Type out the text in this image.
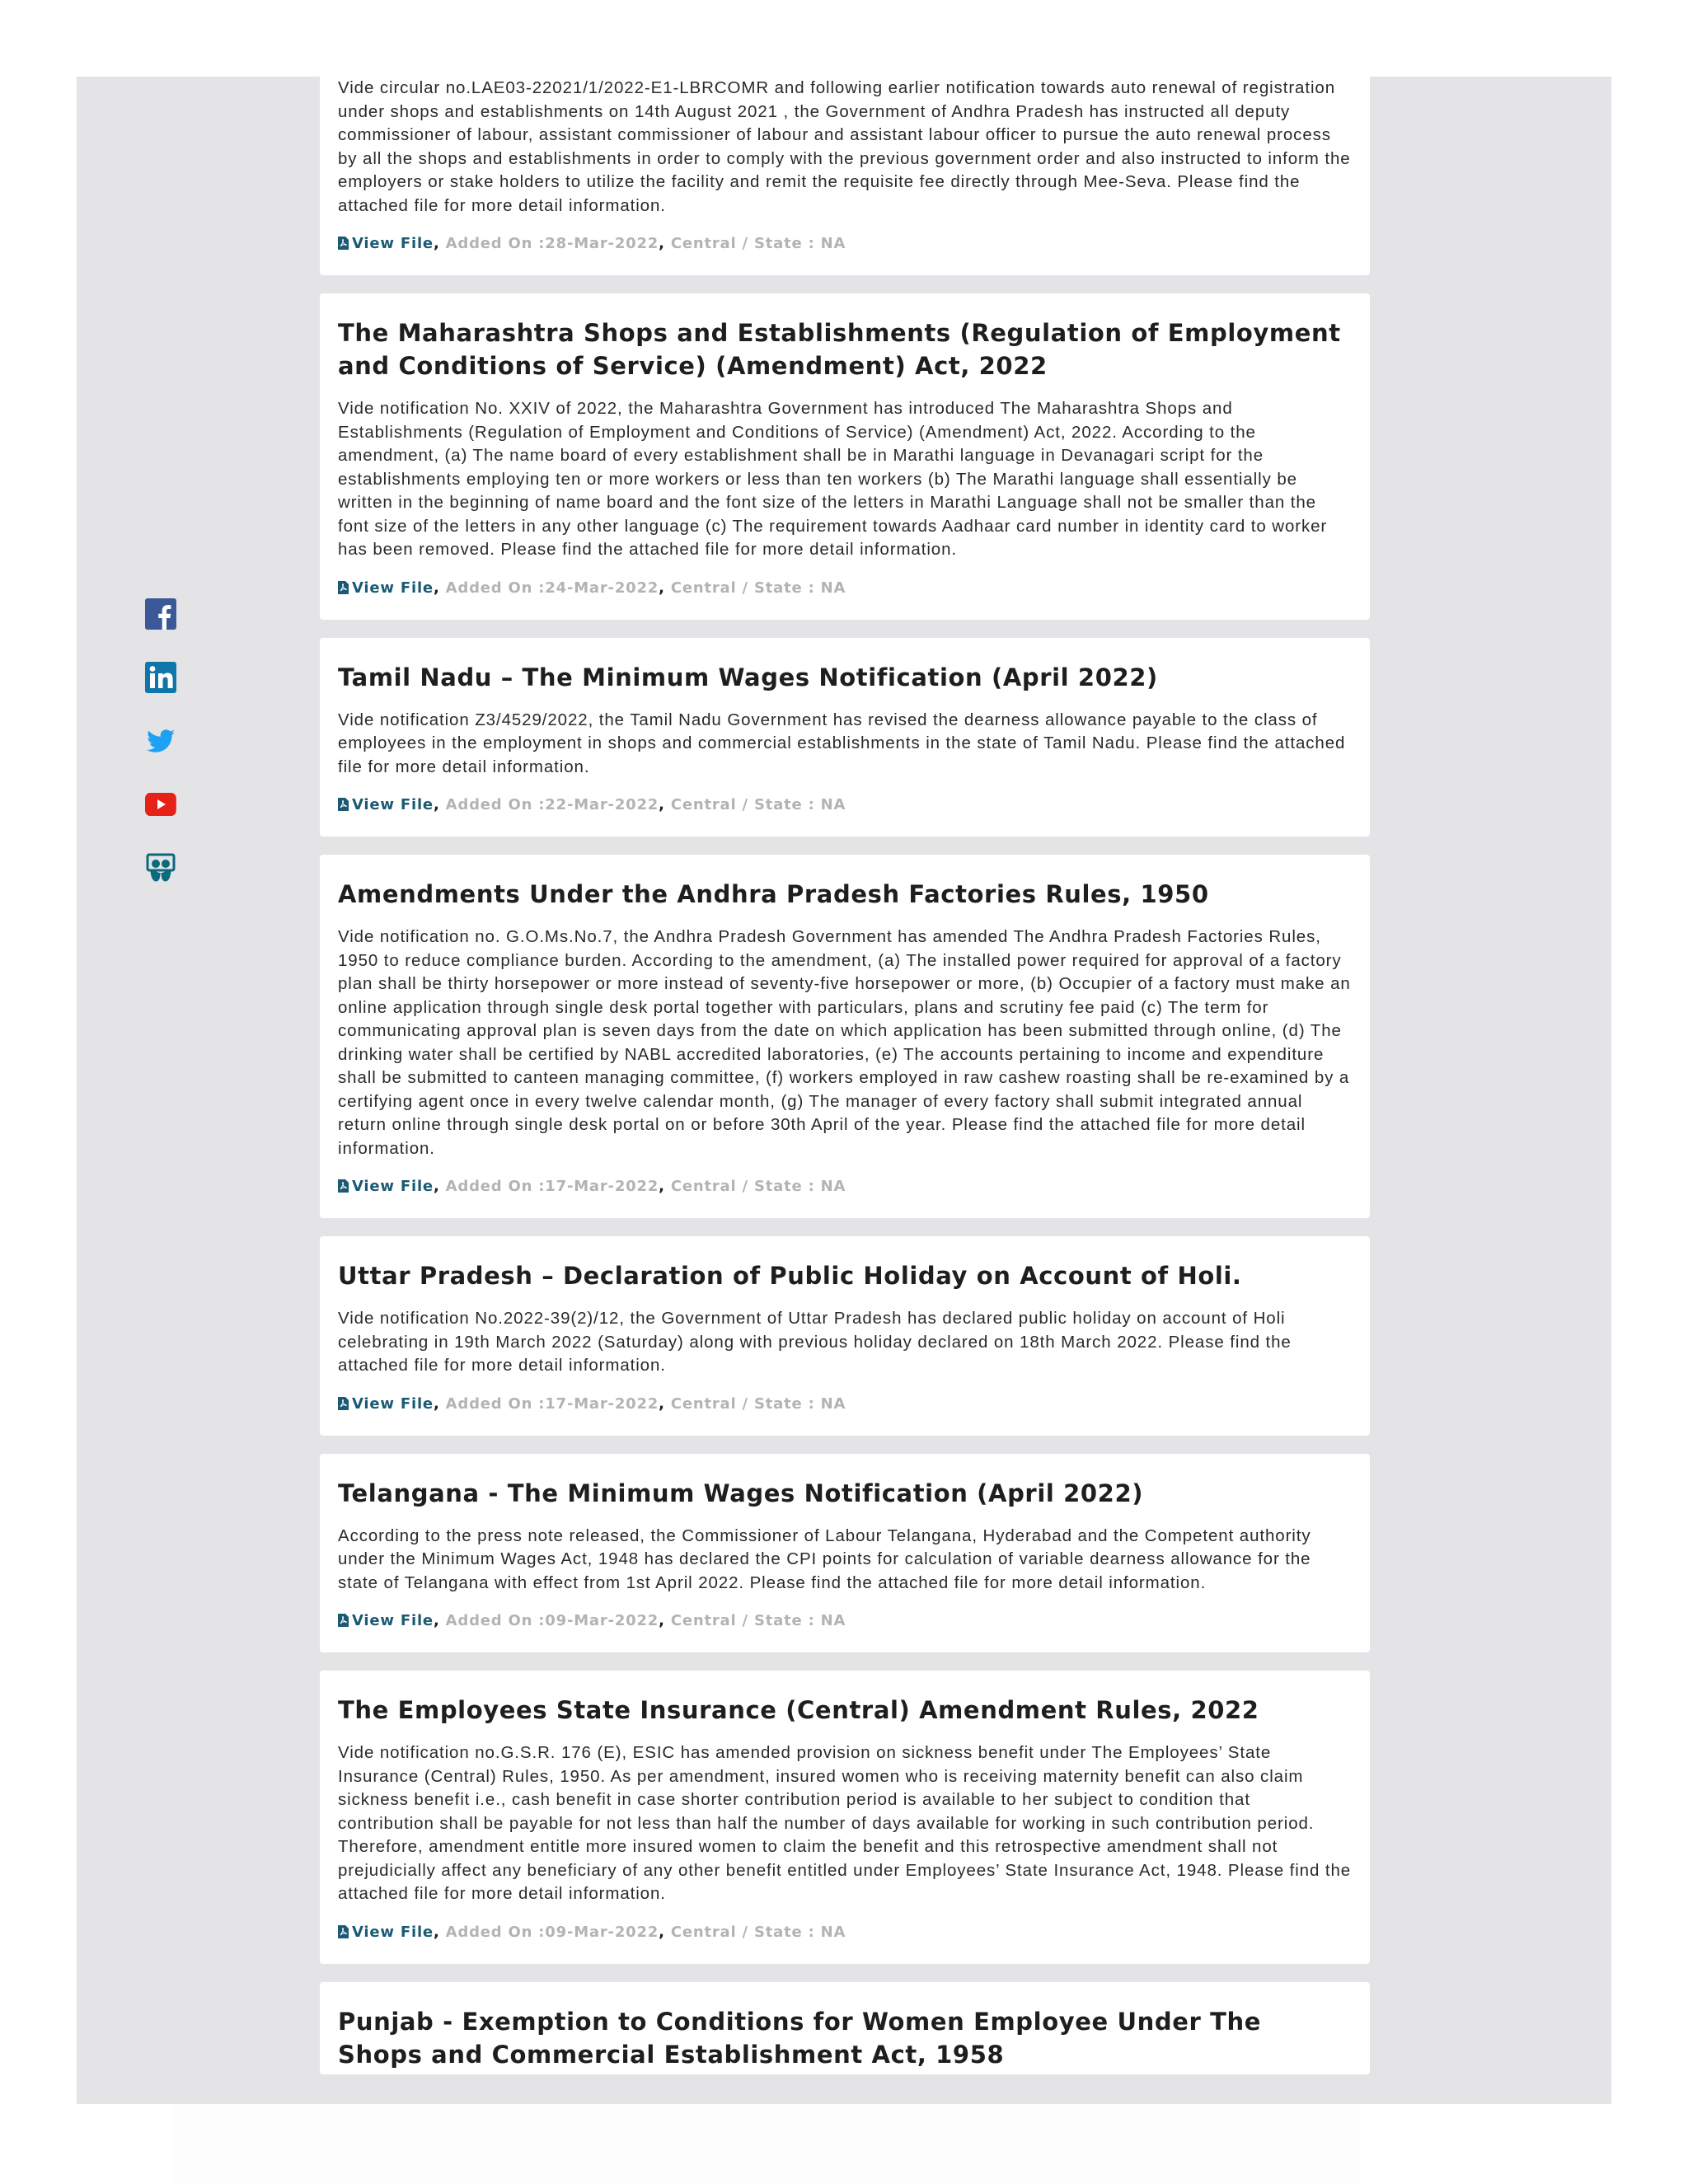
Vide circular no.LAE03-22021/1/2022-E1-LBRCOMR and following earlier notification towards auto renewal of registration under shops and establishments on 14th August 2021 , the Government of Andhra Pradesh has instructed all deputy commissioner of labour, assistant commissioner of labour and assistant labour officer to pursue the auto renewal process by all the shops and establishments in order to comply with the previous government order and also instructed to inform the employers or stake holders to utilize the facility and remit the requisite fee directly through Mee-Seva. Please find the attached file for more detail information.

View File, Added On :28-Mar-2022, Central / State : NA
The Maharashtra Shops and Establishments (Regulation of Employment and Conditions of Service) (Amendment) Act, 2022

Vide notification No. XXIV of 2022, the Maharashtra Government has introduced The Maharashtra Shops and Establishments (Regulation of Employment and Conditions of Service) (Amendment) Act, 2022. According to the amendment, (a) The name board of every establishment shall be in Marathi language in Devanagari script for the establishments employing ten or more workers or less than ten workers (b) The Marathi language shall essentially be written in the beginning of name board and the font size of the letters in Marathi Language shall not be smaller than the font size of the letters in any other language (c) The requirement towards Aadhaar card number in identity card to worker has been removed. Please find the attached file for more detail information.

View File, Added On :24-Mar-2022, Central / State : NA
Tamil Nadu – The Minimum Wages Notification (April 2022)

Vide notification Z3/4529/2022, the Tamil Nadu Government has revised the dearness allowance payable to the class of employees in the employment in shops and commercial establishments in the state of Tamil Nadu. Please find the attached file for more detail information.

View File, Added On :22-Mar-2022, Central / State : NA
Amendments Under the Andhra Pradesh Factories Rules, 1950

Vide notification no. G.O.Ms.No.7, the Andhra Pradesh Government has amended The Andhra Pradesh Factories Rules, 1950 to reduce compliance burden. According to the amendment, (a) The installed power required for approval of a factory plan shall be thirty horsepower or more instead of seventy-five horsepower or more, (b) Occupier of a factory must make an online application through single desk portal together with particulars, plans and scrutiny fee paid (c) The term for communicating approval plan is seven days from the date on which application has been submitted through online, (d) The drinking water shall be certified by NABL accredited laboratories, (e) The accounts pertaining to income and expenditure shall be submitted to canteen managing committee, (f) workers employed in raw cashew roasting shall be re-examined by a certifying agent once in every twelve calendar month, (g) The manager of every factory shall submit integrated annual return online through single desk portal on or before 30th April of the year. Please find the attached file for more detail information.

View File, Added On :17-Mar-2022, Central / State : NA
Uttar Pradesh – Declaration of Public Holiday on Account of Holi.

Vide notification No.2022-39(2)/12, the Government of Uttar Pradesh has declared public holiday on account of Holi celebrating in 19th March 2022 (Saturday) along with previous holiday declared on 18th March 2022. Please find the attached file for more detail information.

View File, Added On :17-Mar-2022, Central / State : NA
Telangana - The Minimum Wages Notification (April 2022)

According to the press note released, the Commissioner of Labour Telangana, Hyderabad and the Competent authority under the Minimum Wages Act, 1948 has declared the CPI points for calculation of variable dearness allowance for the state of Telangana with effect from 1st April 2022. Please find the attached file for more detail information.

View File, Added On :09-Mar-2022, Central / State : NA
The Employees State Insurance (Central) Amendment Rules, 2022

Vide notification no.G.S.R. 176 (E), ESIC has amended provision on sickness benefit under The Employees’ State Insurance (Central) Rules, 1950. As per amendment, insured women who is receiving maternity benefit can also claim sickness benefit i.e., cash benefit in case shorter contribution period is available to her subject to condition that contribution shall be payable for not less than half the number of days available for working in such contribution period. Therefore, amendment entitle more insured women to claim the benefit and this retrospective amendment shall not prejudicially affect any beneficiary of any other benefit entitled under Employees’ State Insurance Act, 1948. Please find the attached file for more detail information.

View File, Added On :09-Mar-2022, Central / State : NA
Punjab - Exemption to Conditions for Women Employee Under The Shops and Commercial Establishment Act, 1958
